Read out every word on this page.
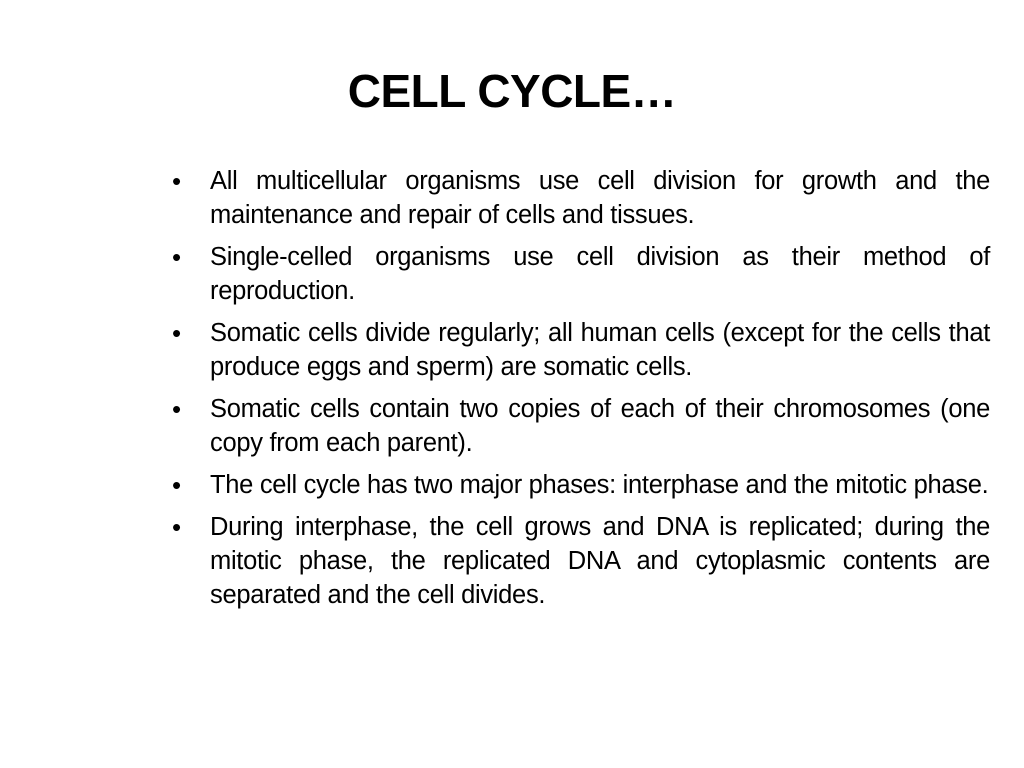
CELL CYCLE…
• All multicellular organisms use cell division for growth and the maintenance and repair of cells and tissues.
• Single-celled organisms use cell division as their method of reproduction.
• Somatic cells divide regularly; all human cells (except for the cells that produce eggs and sperm) are somatic cells.
• Somatic cells contain two copies of each of their chromosomes (one copy from each parent).
• The cell cycle has two major phases: interphase and the mitotic phase.
• During interphase, the cell grows and DNA is replicated; during the mitotic phase, the replicated DNA and cytoplasmic contents are separated and the cell divides.
